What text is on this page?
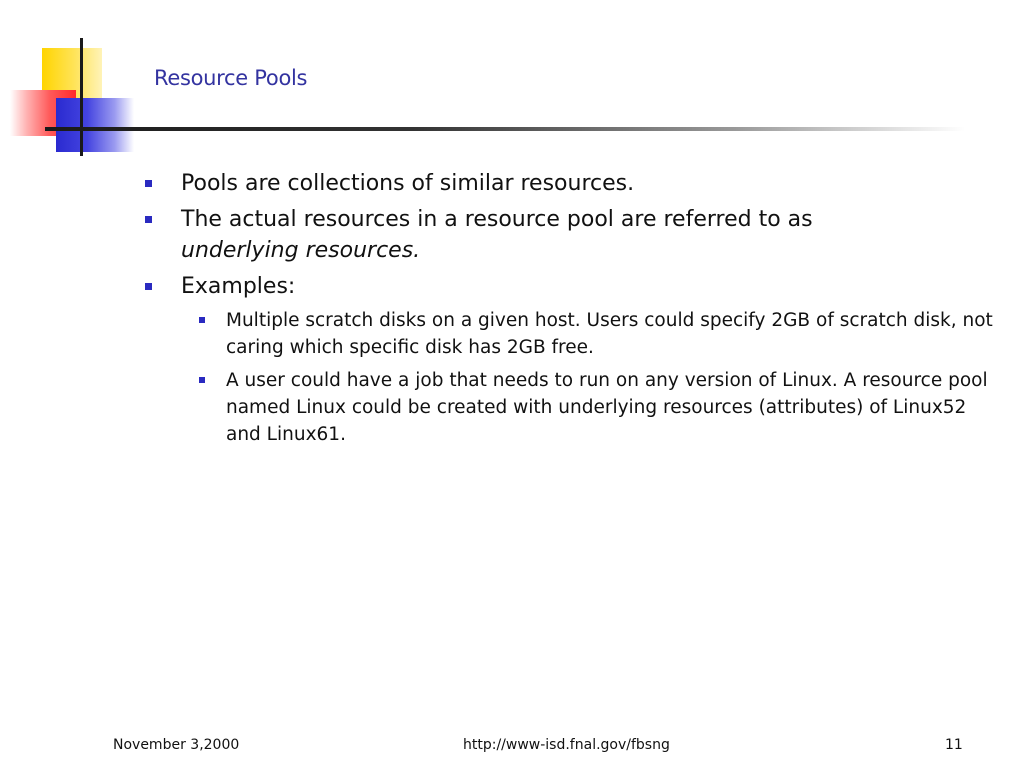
Resource Pools
Pools are collections of similar resources.
The actual resources in a resource pool are referred to as
underlying resources.
Examples:
Multiple scratch disks on a given host. Users could specify 2GB of scratch disk, not caring which specific disk has 2GB free.
A user could have a job that needs to run on any version of Linux. A resource pool named Linux could be created with underlying resources (attributes) of Linux52 and Linux61.
November 3,2000	http://www-isd.fnal.gov/fbsng	11
